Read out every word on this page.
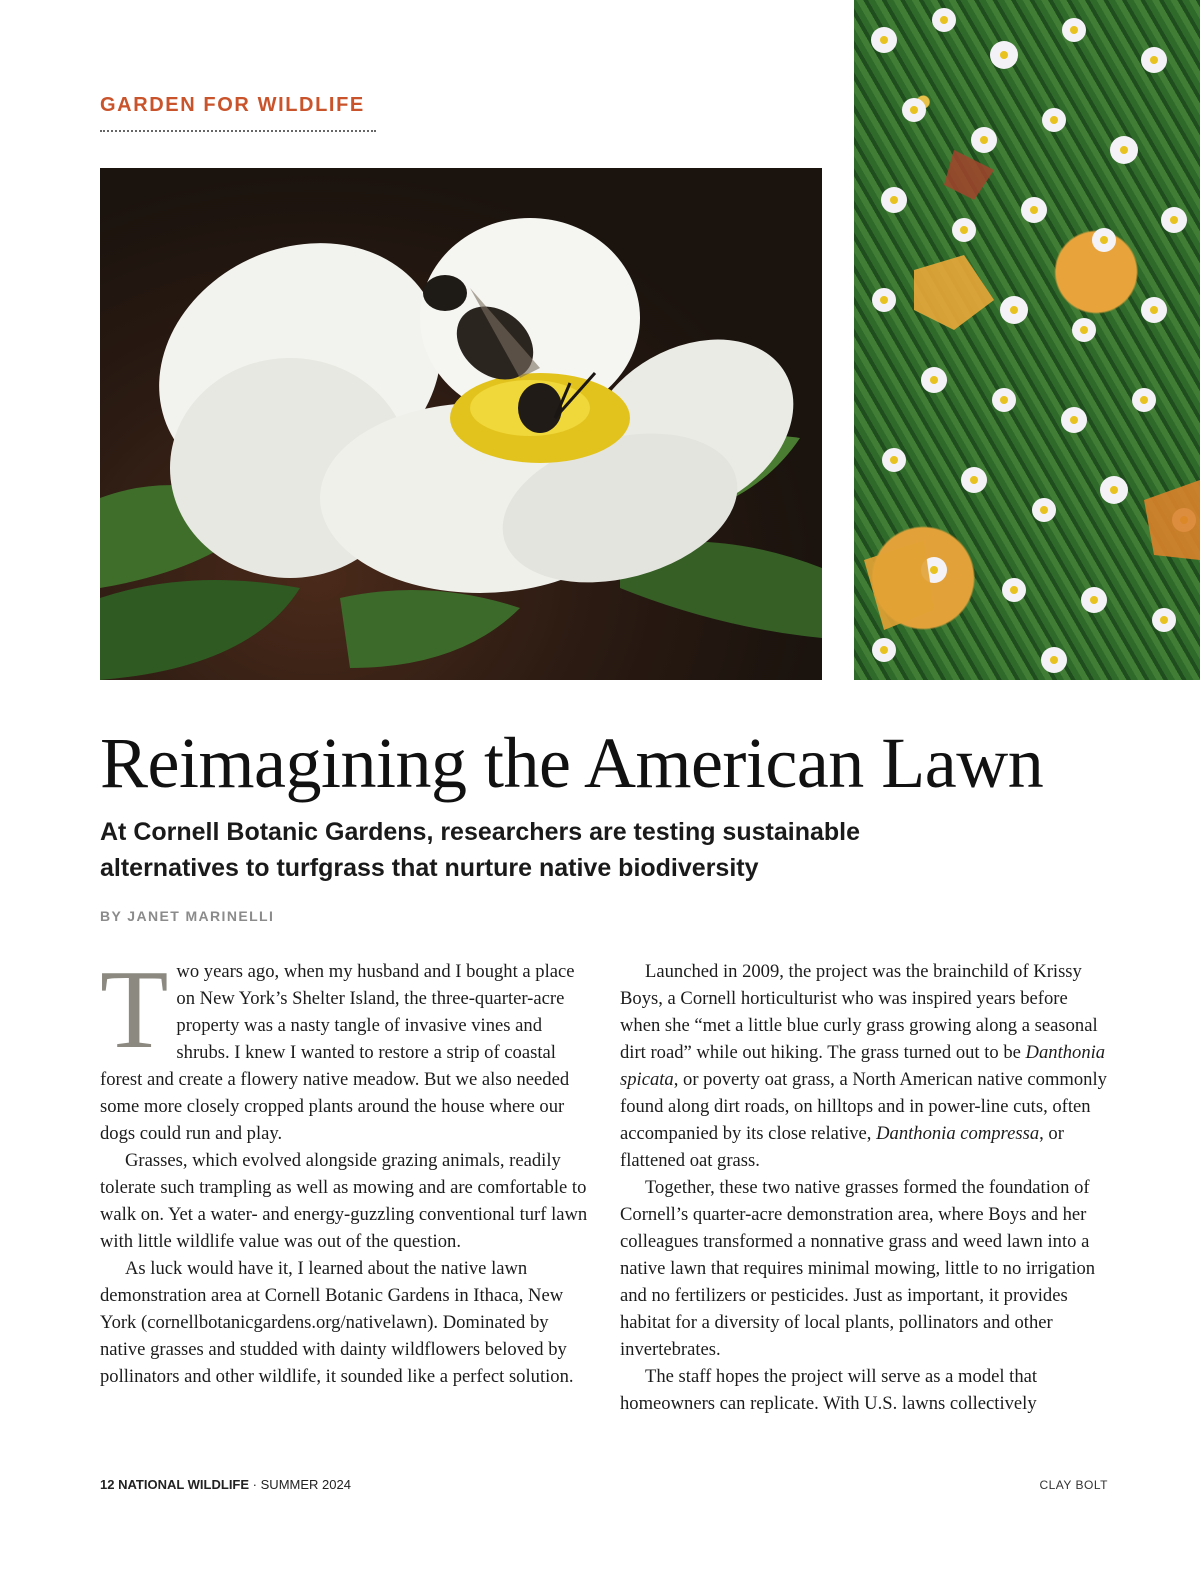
GARDEN FOR WILDLIFE
Reimagining the American Lawn

At Cornell Botanic Gardens, researchers are testing sustainable alternatives to turfgrass that nurture native biodiversity

BY JANET MARINELLI

Two years ago, when my husband and I bought a place on New York’s Shelter Island, the three-quarter-acre property was a nasty tangle of invasive vines and shrubs. I knew I wanted to restore a strip of coastal forest and create a flowery native meadow. But we also needed some more closely cropped plants around the house where our dogs could run and play.

Grasses, which evolved alongside grazing animals, readily tolerate such trampling as well as mowing and are comfortable to walk on. Yet a water- and energy-guzzling conventional turf lawn with little wildlife value was out of the question.

As luck would have it, I learned about the native lawn demonstration area at Cornell Botanic Gardens in Ithaca, New York (cornellbotanicgardens.org/nativelawn). Dominated by native grasses and studded with dainty wildflowers beloved by pollinators and other wildlife, it sounded like a perfect solution.

Launched in 2009, the project was the brainchild of Krissy Boys, a Cornell horticulturist who was inspired years before when she “met a little blue curly grass growing along a seasonal dirt road” while out hiking. The grass turned out to be Danthonia spicata, or poverty oat grass, a North American native commonly found along dirt roads, on hilltops and in power-line cuts, often accompanied by its close relative, Danthonia compressa, or flattened oat grass.

Together, these two native grasses formed the foundation of Cornell’s quarter-acre demonstration area, where Boys and her colleagues transformed a nonnative grass and weed lawn into a native lawn that requires minimal mowing, little to no irrigation and no fertilizers or pesticides. Just as important, it provides habitat for a diversity of local plants, pollinators and other invertebrates.

The staff hopes the project will serve as a model that homeowners can replicate. With U.S. lawns collectively

12 NATIONAL WILDLIFE · SUMMER 2024	CLAY BOLT
